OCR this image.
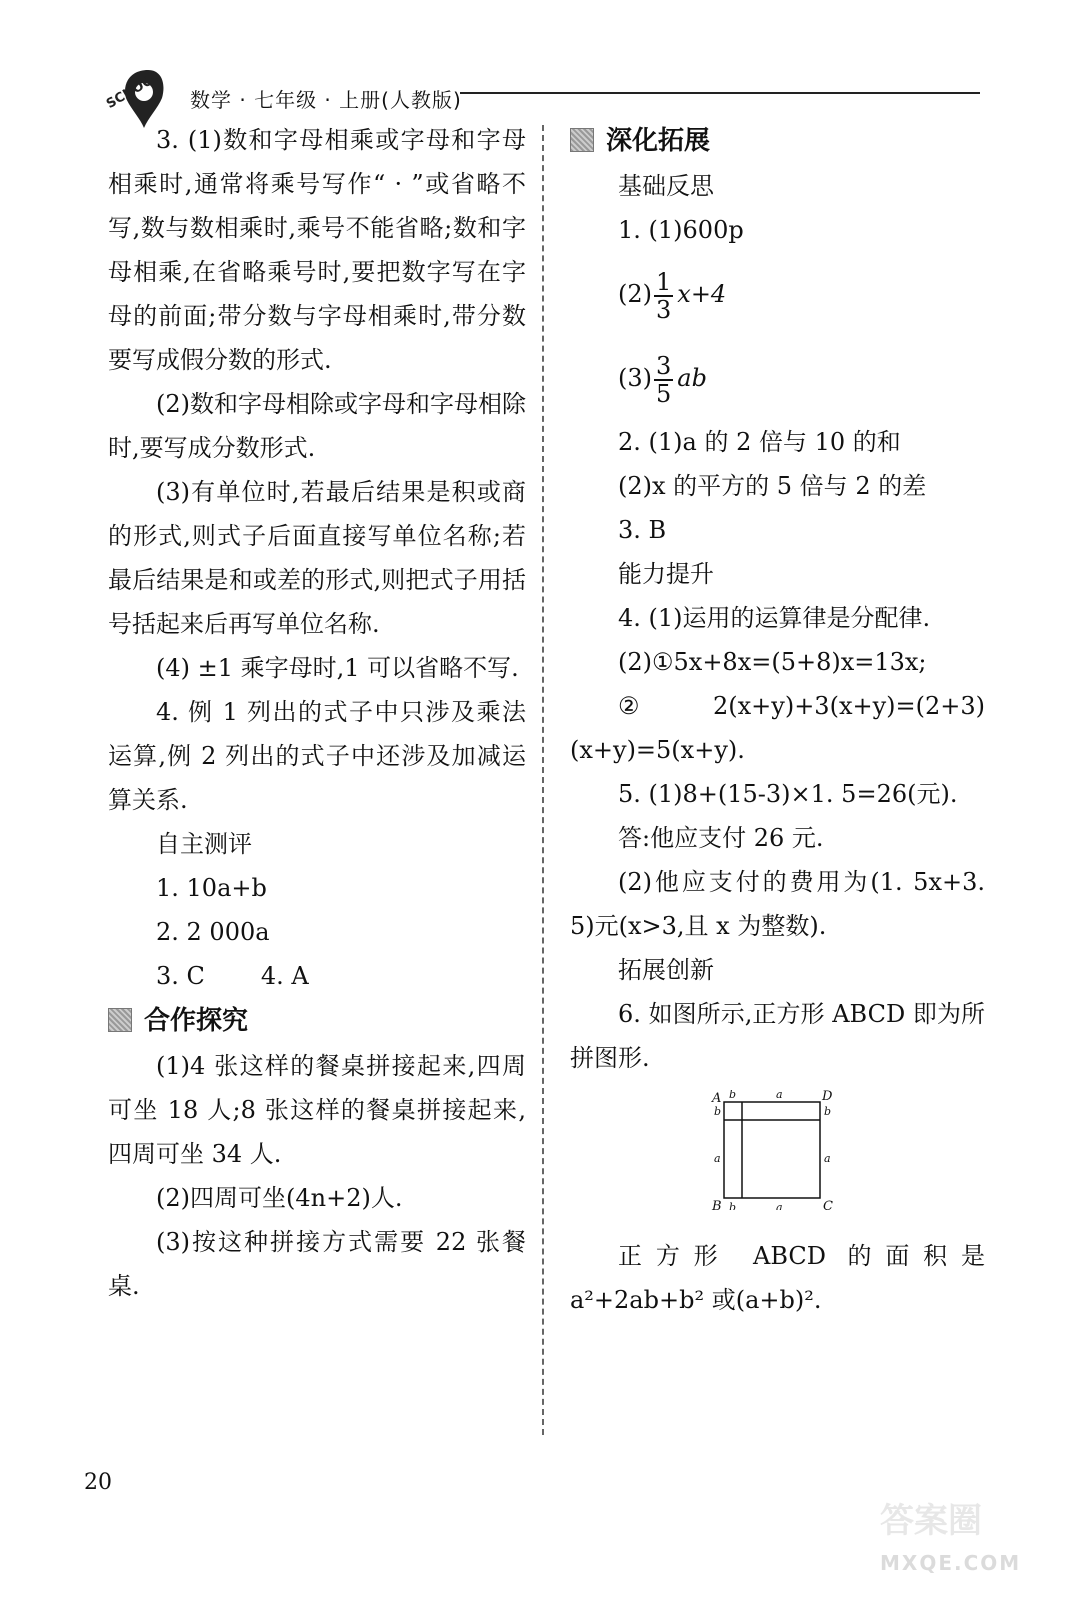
SCHOOL 数学 · 七年级 · 上册(人教版)

3. (1)数和字母相乘或字母和字母相乘时,通常将乘号写作“ · ”或省略不写,数与数相乘时,乘号不能省略;数和字母相乘,在省略乘号时,要把数字写在字母的前面;带分数与字母相乘时,带分数要写成假分数的形式.

(2)数和字母相除或字母和字母相除时,要写成分数形式.

(3)有单位时,若最后结果是积或商的形式,则式子后面直接写单位名称;若最后结果是和或差的形式,则把式子用括号括起来后再写单位名称.

(4) ±1 乘字母时,1 可以省略不写.

4. 例 1 列出的式子中只涉及乘法运算,例 2 列出的式子中还涉及加减运算关系.

自主测评

1. 10a+b

2. 2 000a

3. C 4. A

合作探究

(1)4 张这样的餐桌拼接起来,四周可坐 18 人;8 张这样的餐桌拼接起来,四周可坐 34 人.

(2)四周可坐(4n+2)人.

(3)按这种拼接方式需要 22 张餐桌.

深化拓展

基础反思

1. (1)600p

$(2) \frac{1}{3} x+4$

$(3) \frac{3}{5}$ ab

2. (1)a 的 2 倍与 10 的和

(2)x 的平方的 5 倍与 2 的差

3. B

能力提升

4. (1)运用的运算律是分配律.

(2)①5x+8x=(5+8)x=13x;

②2(x+y)+3(x+y)=(2+3)(x+y)=5(x+y).

5. (1)8+(15-3)×1. 5=26(元).

答:他应支付 26 元.

(2)他应支付的费用为(1. 5x+3. 5)元(x>3,且 x 为整数).

拓展创新

6. 如图所示,正方形 ABCD 即为所拼图形.

A	D
B	C
b	a
b	a
b
a
b
a

正方形 ABCD 的面积是 a²+2ab+b² 或(a+b)².

20
答案圈
MXQE.COM
